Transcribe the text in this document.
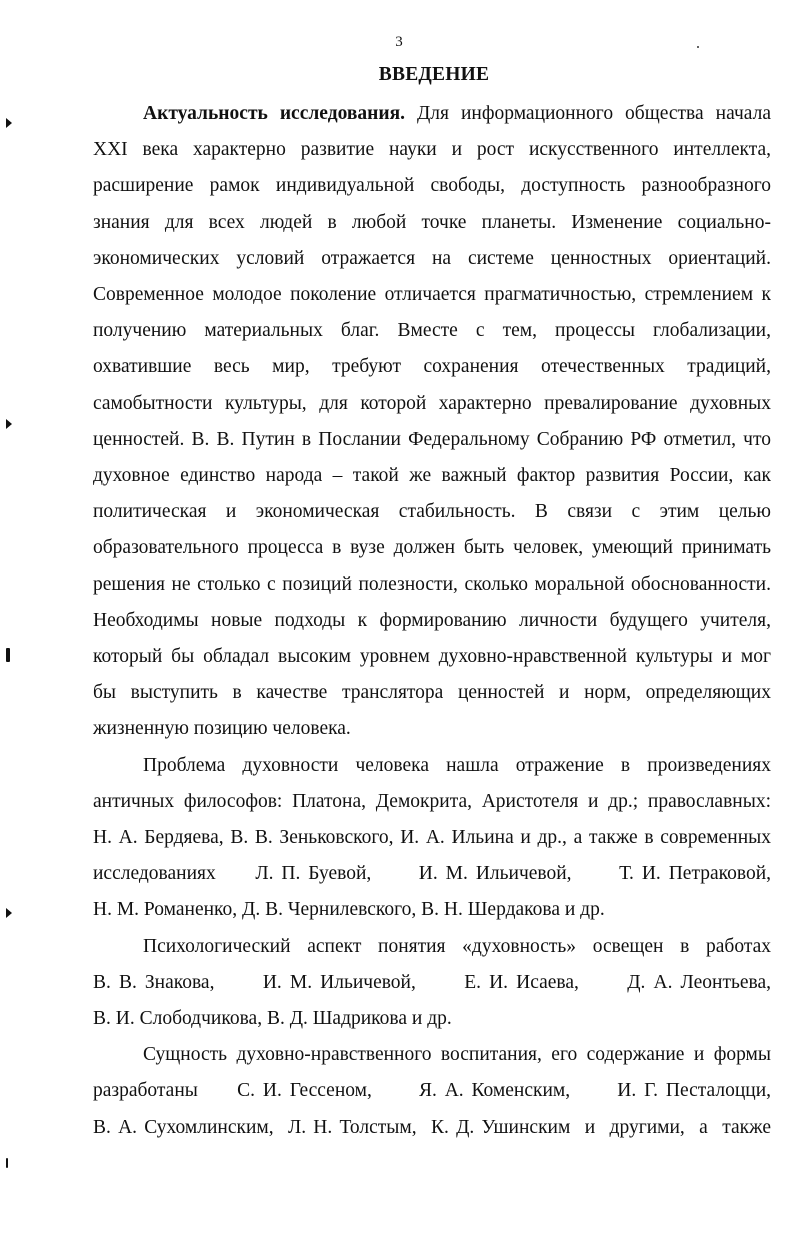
3
ВВЕДЕНИЕ
Актуальность исследования. Для информационного общества начала
XXI века характерно развитие науки и рост искусственного интеллекта,
расширение рамок индивидуальной свободы, доступность разнообразного
знания для всех людей в любой точке планеты. Изменение социально-
экономических условий отражается на системе ценностных ориентаций.
Современное молодое поколение отличается прагматичностью, стремлением к
получению материальных благ. Вместе с тем, процессы глобализации,
охватившие весь мир, требуют сохранения отечественных традиций,
самобытности культуры, для которой характерно превалирование духовных
ценностей. В. В. Путин в Послании Федеральному Собранию РФ отметил, что
духовное единство народа – такой же важный фактор развития России, как
политическая и экономическая стабильность. В связи с этим целью
образовательного процесса в вузе должен быть человек, умеющий принимать
решения не столько с позиций полезности, сколько моральной обоснованности.
Необходимы новые подходы к формированию личности будущего учителя,
который бы обладал высоким уровнем духовно-нравственной культуры и мог
бы выступить в качестве транслятора ценностей и норм, определяющих
жизненную позицию человека.
Проблема духовности человека нашла отражение в произведениях
античных философов: Платона, Демокрита, Аристотеля и др.; православных:
Н. А. Бердяева, В. В. Зеньковского, И. А. Ильина и др., а также в современных
исследованиях     Л. П. Буевой,      И. М. Ильичевой,      Т. И. Петраковой,
Н. М. Романенко, Д. В. Чернилевского, В. Н. Шердакова и др.
Психологический аспект понятия «духовность» освещен в работах
В. В. Знакова,      И. М. Ильичевой,      Е. И. Исаева,      Д. А. Леонтьева,
В. И. Слободчикова, В. Д. Шадрикова и др.
Сущность духовно-нравственного воспитания, его содержание и формы
разработаны     С. И. Гессеном,      Я. А. Коменским,      И. Г. Песталоцци,
В. А. Сухомлинским,  Л. Н. Толстым,  К. Д. Ушинским  и  другими,  а  также
